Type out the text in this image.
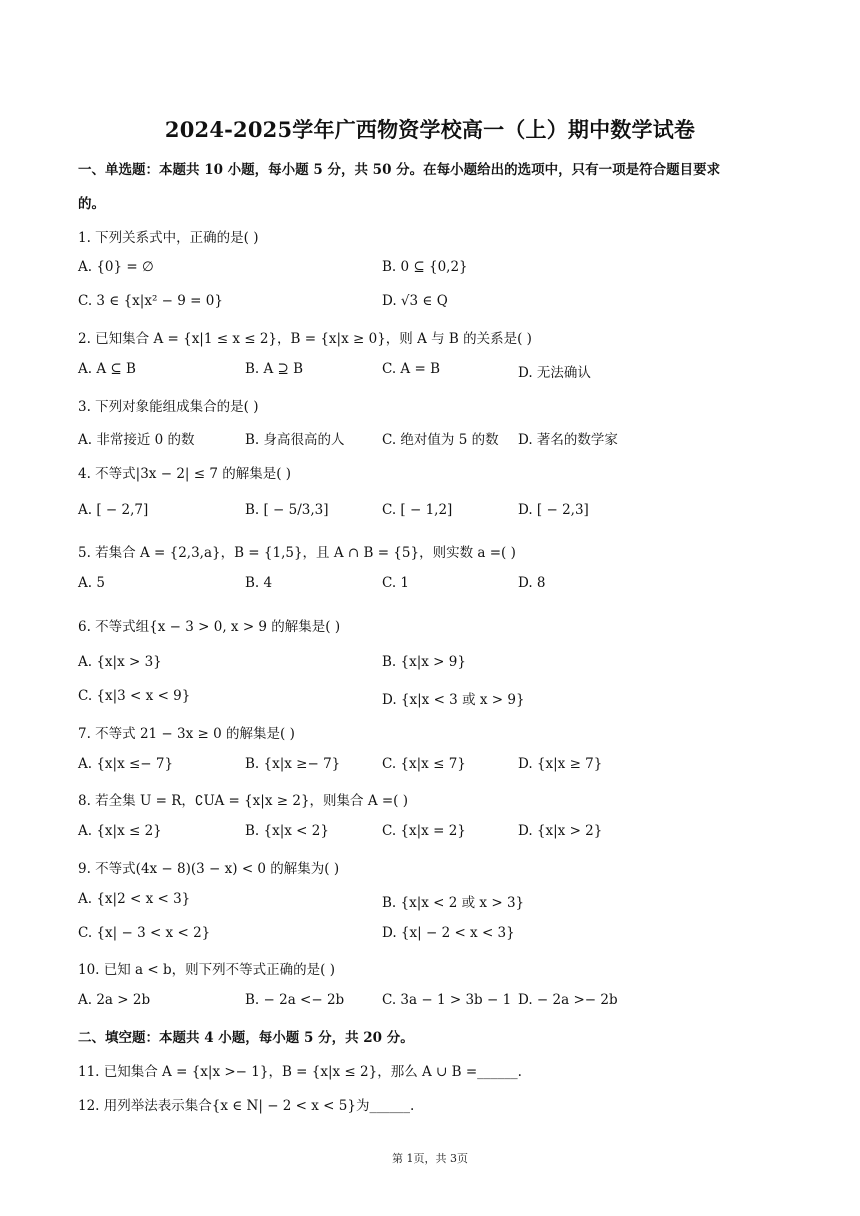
2024-2025学年广西物资学校高一（上）期中数学试卷
一、单选题：本题共 10 小题，每小题 5 分，共 50 分。在每小题给出的选项中，只有一项是符合题目要求
的。
1. 下列关系式中，正确的是( )
A. {0} = ∅	B. 0 ⊆ {0,2}
C. 3 ∈ {x|x² − 9 = 0}	D. √3 ∈ Q
2. 已知集合 A = {x|1 ≤ x ≤ 2}，B = {x|x ≥ 0}，则 A 与 B 的关系是( )
A. A ⊆ B	B. A ⊇ B	C. A = B	D. 无法确认
3. 下列对象能组成集合的是( )
A. 非常接近 0 的数	B. 身高很高的人	C. 绝对值为 5 的数 D. 著名的数学家
4. 不等式|3x − 2| ≤ 7 的解集是( )
A. [ − 2,7]	B. [ − 5/3,3]	C. [ − 1,2]	D. [ − 2,3]
5. 若集合 A = {2,3,a}，B = {1,5}，且 A ∩ B = {5}，则实数 a =( )
A. 5	B. 4	C. 1	D. 8
6. 不等式组{x − 3 > 0, x > 9 的解集是( )
A. {x|x > 3}	B. {x|x > 9}
C. {x|3 < x < 9}	D. {x|x < 3 或 x > 9}
7. 不等式 21 − 3x ≥ 0 的解集是( )
A. {x|x ≤− 7}	B. {x|x ≥− 7}	C. {x|x ≤ 7}	D. {x|x ≥ 7}
8. 若全集 U = R，∁UA = {x|x ≥ 2}，则集合 A =( )
A. {x|x ≤ 2}	B. {x|x < 2}	C. {x|x = 2}	D. {x|x > 2}
9. 不等式(4x − 8)(3 − x) < 0 的解集为( )
A. {x|2 < x < 3}	B. {x|x < 2 或 x > 3}
C. {x| − 3 < x < 2}	D. {x| − 2 < x < 3}
10. 已知 a < b，则下列不等式正确的是( )
A. 2a > 2b	B. − 2a <− 2b	C. 3a − 1 > 3b − 1 D. − 2a >− 2b
二、填空题：本题共 4 小题，每小题 5 分，共 20 分。
11. 已知集合 A = {x|x >− 1}，B = {x|x ≤ 2}，那么 A ∪ B =______.
12. 用列举法表示集合{x ∈ N| − 2 < x < 5}为______.
第 1页，共 3页
